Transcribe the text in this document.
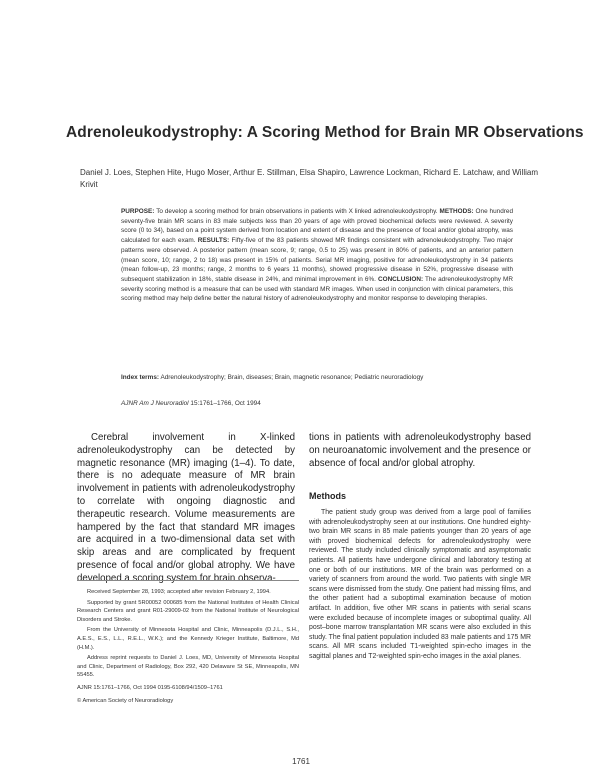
Adrenoleukodystrophy: A Scoring Method for Brain MR Observations
Daniel J. Loes, Stephen Hite, Hugo Moser, Arthur E. Stillman, Elsa Shapiro, Lawrence Lockman, Richard E. Latchaw, and William Krivit
PURPOSE: To develop a scoring method for brain observations in patients with X linked adrenoleukodystrophy. METHODS: One hundred seventy-five brain MR scans in 83 male subjects less than 20 years of age with proved biochemical defects were reviewed. A severity score (0 to 34), based on a point system derived from location and extent of disease and the presence of focal and/or global atrophy, was calculated for each exam. RESULTS: Fifty-five of the 83 patients showed MR findings consistent with adrenoleukodystrophy. Two major patterns were observed. A posterior pattern (mean score, 9; range, 0.5 to 25) was present in 80% of patients, and an anterior pattern (mean score, 10; range, 2 to 18) was present in 15% of patients. Serial MR imaging, positive for adrenoleukodystrophy in 34 patients (mean follow-up, 23 months; range, 2 months to 6 years 11 months), showed progressive disease in 52%, progressive disease with subsequent stabilization in 18%, stable disease in 24%, and minimal improvement in 6%. CONCLUSION: The adrenoleukodystrophy MR severity scoring method is a measure that can be used with standard MR images. When used in conjunction with clinical parameters, this scoring method may help define better the natural history of adrenoleukodystrophy and monitor response to developing therapies.
Index terms: Adrenoleukodystrophy; Brain, diseases; Brain, magnetic resonance; Pediatric neuroradiology
AJNR Am J Neuroradiol 15:1761–1766, Oct 1994
Cerebral involvement in X-linked adrenoleukodystrophy can be detected by magnetic resonance (MR) imaging (1–4). To date, there is no adequate measure of MR brain involvement in patients with adrenoleukodystrophy to correlate with ongoing diagnostic and therapeutic research. Volume measurements are hampered by the fact that standard MR images are acquired in a two-dimensional data set with skip areas and are complicated by frequent presence of focal and/or global atrophy. We have developed a scoring system for brain observa-
tions in patients with adrenoleukodystrophy based on neuroanatomic involvement and the presence or absence of focal and/or global atrophy.
Methods
The patient study group was derived from a large pool of families with adrenoleukodystrophy seen at our institutions. One hundred eighty-two brain MR scans in 85 male patients younger than 20 years of age with proved biochemical defects for adrenoleukodystrophy were reviewed. The study included clinically symptomatic and asymptomatic patients. All patients have undergone clinical and laboratory testing at one or both of our institutions. MR of the brain was performed on a variety of scanners from around the world. Two patients with single MR scans were dismissed from the study. One patient had missing films, and the other patient had a suboptimal examination because of motion artifact. In addition, five other MR scans in patients with serial scans were excluded because of incomplete images or suboptimal quality. All post–bone marrow transplantation MR scans were also excluded in this study. The final patient population included 83 male patients and 175 MR scans. All MR scans included T1-weighted spin-echo images in the sagittal planes and T2-weighted spin-echo images in the axial planes.

Received September 28, 1993; accepted after revision February 2, 1994.

Supported by grant 5R00052 000685 from the National Institutes of Health Clinical Research Centers and grant R01-29009-02 from the National Institute of Neurological Disorders and Stroke.

From the University of Minnesota Hospital and Clinic, Minneapolis (D.J.L., S.H., A.E.S., E.S., L.L., R.E.L., W.K.); and the Kennedy Krieger Institute, Baltimore, Md (H.M.).

Address reprint requests to Daniel J. Loes, MD, University of Minnesota Hospital and Clinic, Department of Radiology, Box 292, 420 Delaware St SE, Minneapolis, MN 55455.

AJNR 15:1761–1766, Oct 1994 0195-6108/94/1509–1761

© American Society of Neuroradiology

1761
